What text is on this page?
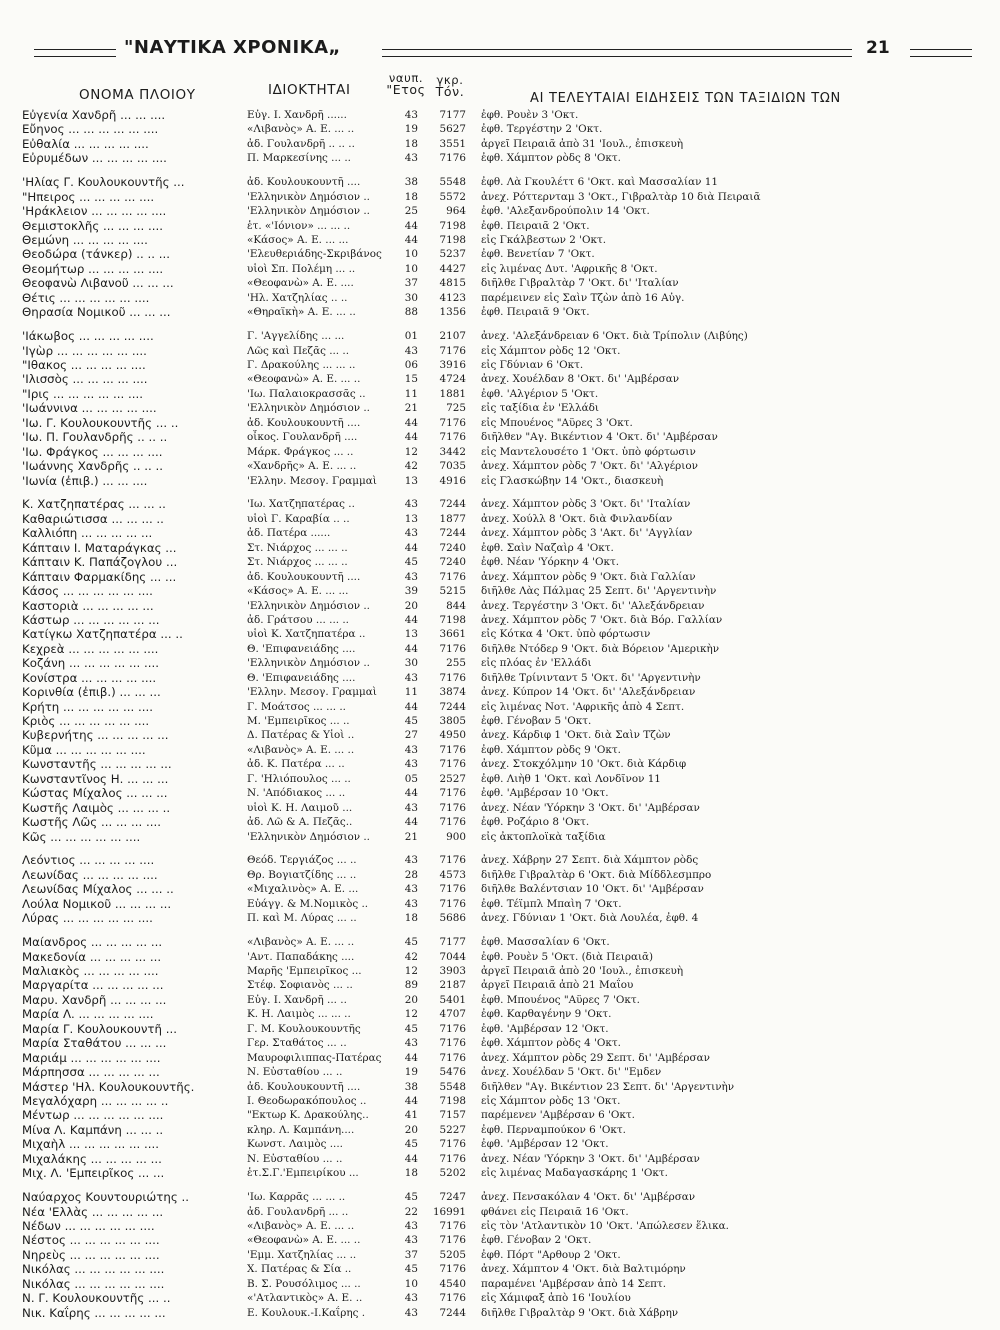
"ΝΑΥΤΙΚΑ ΧΡΟΝΙΚΑ„	21
ΟΝΟΜΑ ΠΛΟΙΟΥ	ΙΔΙΟΚΤΗΤΑΙ
ναυπ.
"Ετος
γκρ.
Τόν.	ΑΙ ΤΕΛΕΥΤΑΙΑΙ ΕΙΔΗΣΕΙΣ ΤΩΝ ΤΑΞΙΔΙΩΝ ΤΩΝ
Εὐγενία Χανδρῆ ... ... ....	Εὐγ. Ι. Χανδρῆ ......	43	7177 ἐφθ. Ρουὲν 3 'Οκτ.
Εὔηνος ... ... ... ... ... ....	«Λιβανὸς» Α. Ε. ... ..	19	5627 ἐφθ. Τεργέστην 2 'Οκτ.
Εὐθαλία ... ... ... ... ....	ἀδ. Γουλανδρῆ .. .. ..	18	3551 ἀργεῖ Πειραιᾶ ἀπὸ 31 'Ιουλ., ἐπισκευὴ
Εὐρυμέδων ... ... ... ... ....	Π. Μαρκεσίνης ... ..	43	7176 ἐφθ. Χάμπτον ρὸδς 8 'Οκτ.
'Ηλίας Γ. Κουλουκουντῆς ...	ἀδ. Κουλουκουντῆ ....	38	5548 ἐφθ. Λὰ Γκουλέττ 6 'Οκτ. καὶ Μασσαλίαν 11
"Ηπειρος ... ... ... ... ....	'Ελληνικὸν Δημόσιον ..	18	5572 ἀνεχ. Ρόττερνταμ 3 'Οκτ., Γιβραλτὰρ 10 διὰ Πειραιᾶ
'Ηράκλειον ... ... ... ... ....	'Ελληνικὸν Δημόσιον ..	25	964 ἐφθ. 'Αλεξανδρούπολιν 14 'Οκτ.
Θεμιστοκλῆς ... ... ... ....	ἑτ. «'Ιόνιον» ... ... ..	44	7198 ἐφθ. Πειραιᾶ 2 'Οκτ.
Θεμώνη ... ... ... ... ....	«Κάσος» Α. Ε. ... ...	44	7198 εἰς Γκάλβεστων 2 'Οκτ.
Θεοδώρα (τάνκερ) .. .. ...	'Ελευθεριάδης-Σκριβάνος	10	5237 ἐφθ. Βενετίαν 7 'Οκτ.
Θεομήτωρ ... ... ... ... ....	υἱοὶ Σπ. Πολέμη ... ..	10	4427 εἰς λιμένας Δυτ. 'Αφρικῆς 8 'Οκτ.
Θεοφανὼ Λιβανοῦ ... ... ...	«Θεοφανὼ» Α. Ε. ....	37	4815 διῆλθε Γιβραλτὰρ 7 'Οκτ. δι' 'Ιταλίαν
Θέτις ... ... ... ... ... ....	'Ηλ. Χατζηλίας .. ..	30	4123 παρέμεινεν εἰς Σαὶν Τζὼν ἀπὸ 16 Αὐγ.
Θηρασία Νομικοῦ ... ... ...	«Θηραϊκὴ» Α. Ε. ... ..	88	1356 ἐφθ. Πειραιᾶ 9 'Οκτ.
'Ιάκωβος ... ... ... ... ....	Γ. 'Αγγελίδης ... ...	01	2107 ἀνεχ. 'Αλεξάνδρειαν 6 'Οκτ. διὰ Τρίπολιν (Λιβύης)
'Ιγὼρ ... ... ... ... ... ....	Λῶς καὶ Πεζᾶς ... ..	43	7176 εἰς Χάμπτον ρὸδς 12 'Οκτ.
"Ιθακος ... ... ... ... ....	Γ. Δρακούλης ... ... ..	06	3916 εἰς Γδύνιαν 6 'Οκτ.
'Ιλισσὸς ... ... ... ... ....	«Θεοφανὼ» Α. Ε. ... ..	15	4724 ἀνεχ. Χουέλδαν 8 'Οκτ. δι' 'Αμβέρσαν
"Ιρις ... ... ... ... ... ....	'Ιω. Παλαιοκρασσᾶς ..	11	1881 ἐφθ. 'Αλγέριον 5 'Οκτ.
'Ιωάννινα ... ... ... ... ....	'Ελληνικὸν Δημόσιον ..	21	725 εἰς ταξίδια ἐν 'Ελλάδι
'Ιω. Γ. Κουλουκουντῆς ... ..	ἀδ. Κουλουκουντῆ ....	44	7176 εἰς Μπουένος "Αϋρες 3 'Οκτ.
'Ιω. Π. Γουλανδρῆς .. .. ..	οἶκος. Γουλανδρῆ ....	44	7176 διῆλθεν "Αγ. Βικέντιον 4 'Οκτ. δι' 'Αμβέρσαν
'Ιω. Φράγκος ... ... ... ....	Μάρκ. Φράγκος ... ..	12	3442 εἰς Μαντελουσέτο 1 'Οκτ. ὑπὸ φόρτωσιν
'Ιωάννης Χανδρῆς .. .. ..	«Χανδρῆς» Α. Ε. ... ..	42	7035 ἀνεχ. Χάμπτον ρὸδς 7 'Οκτ. δι' 'Αλγέριον
'Ιωνία (ἐπιβ.) ... ... ....	'Ελλην. Μεσογ. Γραμμαὶ	13	4916 εἰς Γλασκώβην 14 'Οκτ., διασκευὴ
Κ. Χατζηπατέρας ... ... ..	'Ιω. Χατζηπατέρας ..	43	7244 ἀνεχ. Χάμπτον ρὸδς 3 'Οκτ. δι' 'Ιταλίαν
Καθαριώτισσα ... ... ... ..	υἱοὶ Γ. Καραβία .. ..	13	1877 ἀνεχ. Χούλλ 8 'Οκτ. διὰ Φινλανδίαν
Καλλιόπη ... ... ... ... ...	ἀδ. Πατέρα ......	43	7244 ἀνεχ. Χάμπτον ρὸδς 3 'Ακτ. δι' 'Αγγλίαν
Κάπταιν Ι. Ματαράγκας ...	Στ. Νιάρχος ... ... ..	44	7240 ἐφθ. Σαὶν Ναζαὶρ 4 'Οκτ.
Κάπταιν Κ. Παπάζογλου ...	Στ. Νιάρχος ... ... ..	45	7240 ἐφθ. Νέαν 'Υόρκην 4 'Οκτ.
Κάπταιν Φαρμακίδης ... ...	ἀδ. Κουλουκουντῆ ....	43	7176 ἀνεχ. Χάμπτον ρὸδς 9 'Οκτ. διὰ Γαλλίαν
Κάσος ... ... ... ... ... ....	«Κάσος» Α. Ε. ... ...	39	5215 διῆλθε Λὰς Πάλμας 25 Σεπτ. δι' 'Αργεντινὴν
Καστοριὰ ... ... ... ... ...	'Ελληνικὸν Δημόσιον ..	20	844 ἀνεχ. Τεργέστην 3 'Οκτ. δι' 'Αλεξάνδρειαν
Κάστωρ ... ... ... ... ... ...	ἀδ. Γράτσου ... ... ..	44	7198 ἀνεχ. Χάμπτον ρὸδς 7 'Οκτ. διὰ Βόρ. Γαλλίαν
Κατίγκω Χατζηπατέρα ... ..	υἱοὶ Κ. Χατζηπατέρα ..	13	3661 εἰς Κότκα 4 'Οκτ. ὑπὸ φόρτωσιν
Κεχρεὰ ... ... ... ... ... ....	Θ. 'Επιφανειάδης ....	44	7176 διῆλθε Ντόδερ 9 'Οκτ. διὰ Βόρειον 'Αμερικὴν
Κοζάνη ... ... ... ... ... ....	'Ελληνικὸν Δημόσιον ..	30	255 εἰς πλόας ἐν 'Ελλάδι
Κονίστρα ... ... ... ... ....	Θ. 'Επιφανειάδης ....	43	7176 διῆλθε Τρίνινταντ 5 'Οκτ. δι' 'Αργεντινὴν
Κορινθία (ἐπιβ.) ... ... ...	'Ελλην. Μεσογ. Γραμμαὶ	11	3874 ἀνεχ. Κύπρον 14 'Οκτ. δι' 'Αλεξάνδρειαν
Κρήτη ... ... ... ... ... ....	Γ. Μοάτσος ... ... ..	44	7244 εἰς λιμένας Νοτ. 'Αφρικῆς ἀπὸ 4 Σεπτ.
Κριὸς ... ... ... ... ... ....	Μ. 'Εμπειρῖκος ... ..	45	3805 ἐφθ. Γένοβαν 5 'Οκτ.
Κυβερνήτης ... ... ... ... ...	Δ. Πατέρας & Υἱοὶ ..	27	4950 ἀνεχ. Κάρδιφ 1 'Οκτ. διὰ Σαὶν Τζὼν
Κῦμα ... ... ... ... ... ....	«Λιβανὸς» Α. Ε. ... ..	43	7176 ἐφθ. Χάμπτον ρὸδς 9 'Οκτ.
Κωνσταντῆς ... ... ... ... ...	ἀδ. Κ. Πατέρα ... ..	43	7176 ἀνεχ. Στοκχόλμην 10 'Οκτ. διὰ Κάρδιφ
Κωνσταντῖνος Η. ... ... ...	Γ. 'Ηλιόπουλος ... ..	05	2527 ἐφθ. Λιὴθ 1 'Οκτ. καὶ Λονδῖνον 11
Κώστας Μίχαλος ... ... ...	Ν. 'Απόδιακος ... ..	44	7176 ἐφθ. 'Αμβέρσαν 10 'Οκτ.
Κωστῆς Λαιμὸς ... ... ... ..	υἱοὶ Κ. Η. Λαιμοῦ ...	43	7176 ἀνεχ. Νέαν 'Υόρκην 3 'Οκτ. δι' 'Αμβέρσαν
Κωστῆς Λῶς ... ... ... ....	ἀδ. Λῶ & Α. Πεζᾶς..	44	7176 ἐφθ. Ροζάριο 8 'Οκτ.
Κῶς ... ... ... ... ... ....	'Ελληνικὸν Δημόσιον ..	21	900 εἰς ἀκτοπλοϊκὰ ταξίδια
Λεόντιος ... ... ... ... ....	Θεόδ. Τεργιάζος ... ..	43	7176 ἀνεχ. Χάβρην 27 Σεπτ. διὰ Χάμπτον ρὸδς
Λεωνίδας ... ... ... ... ....	Θρ. Βογιατζίδης ... ..	28	4573 διῆλθε Γιβραλτὰρ 6 'Οκτ. διὰ Μίδδλεσμπρο
Λεωνίδας Μίχαλος ... ... ..	«Μιχαλινὸς» Α. Ε. ...	43	7176 διῆλθε Βαλέντσιαν 10 'Οκτ. δι' 'Αμβέρσαν
Λούλα Νομικοῦ ... ... ... ...	Εὐάγγ. & Μ.Νομικὸς ..	43	7176 ἐφθ. Τέϊμπλ Μπαὶη 7 'Οκτ.
Λύρας ... ... ... ... ... ....	Π. καὶ Μ. Λύρας ... ..	18	5686 ἀνεχ. Γδύνιαν 1 'Οκτ. διὰ Λουλέα, ἐφθ. 4
Μαίανδρος ... ... ... ... ...	«Λιβανὸς» Α. Ε. ... ..	45	7177 ἐφθ. Μασσαλίαν 6 'Οκτ.
Μακεδονία ... ... ... ... ...	'Αντ. Παπαδάκης ....	42	7044 ἐφθ. Ρουὲν 5 'Οκτ. (διὰ Πειραιᾶ)
Μαλιακὸς ... ... ... ... ....	Μαρῆς 'Εμπειρῖκος ...	12	3903 ἀργεῖ Πειραιᾶ ἀπὸ 20 'Ιουλ., ἐπισκευὴ
Μαργαρίτα ... ... ... ... ...	Στέφ. Σοφιανὸς ... ..	89	2187 ἀργεῖ Πειραιᾶ ἀπὸ 21 Μαΐου
Μαρυ. Χανδρῆ ... ... ... ...	Εὐγ. Ι. Χανδρῆ ... ..	20	5401 ἐφθ. Μπουένος "Αϋρες 7 'Οκτ.
Μαρία Λ. ... ... ... ... ....	Κ. Η. Λαιμὸς ... ... ..	12	4707 ἐφθ. Καρθαγένην 9 'Οκτ.
Μαρία Γ. Κουλουκουντῆ ...	Γ. Μ. Κουλουκουντῆς	45	7176 ἐφθ. 'Αμβέρσαν 12 'Οκτ.
Μαρία Σταθάτου ... ... ...	Γερ. Σταθάτος ... ..	43	7176 ἐφθ. Χάμπτον ρὸδς 4 'Οκτ.
Μαριάμ ... ... ... ... ... ....	Μαυροφιλιππας-Πατέρας	44	7176 ἀνεχ. Χάμπτον ρὸδς 29 Σεπτ. δι' 'Αμβέρσαν
Μάρπησσα ... ... ... ... ...	Ν. Εὐσταθίου ... ..	19	5476 ἀνεχ. Χουέλδαν 5 'Οκτ. δι' "Εμδεν
Μάστερ 'Ηλ. Κουλουκουντῆς.	ἀδ. Κουλουκουντῆ ....	38	5548 διῆλθεν "Αγ. Βικέντιον 23 Σεπτ. δι' 'Αργεντινὴν
Μεγαλόχαρη ... ... ... ... ..	Ι. Θεοδωρακόπουλος ..	44	7198 εἰς Χάμπτον ρὸδς 13 'Οκτ.
Μέντωρ ... ... ... ... ... ....	"Εκτωρ Κ. Δρακούλης..	41	7157 παρέμενεν 'Αμβέρσαν 6 'Οκτ.
Μίνα Λ. Καμπάνη ... ... ..	κληρ. Λ. Καμπάνη....	20	5227 ἐφθ. Περναμπούκον 6 'Οκτ.
Μιχαὴλ ... ... ... ... ... ....	Κωνστ. Λαιμὸς ....	45	7176 ἐφθ. 'Αμβέρσαν 12 'Οκτ.
Μιχαλάκης ... ... ... ... ...	Ν. Εὐσταθίου ... ..	44	7176 ἀνεχ. Νέαν 'Υόρκην 3 'Οκτ. δι' 'Αμβέρσαν
Μιχ. Λ. 'Εμπειρῖκος ... ...	ἑτ.Σ.Γ.'Εμπειρίκου ...	18	5202 εἰς λιμένας Μαδαγασκάρης 1 'Οκτ.
Ναύαρχος Κουντουριώτης ..	'Ιω. Καρρᾶς ... ... ..	45	7247 ἀνεχ. Πενσακόλαν 4 'Οκτ. δι' 'Αμβέρσαν
Νέα 'Ελλὰς ... ... ... ... ...	ἀδ. Γουλανδρῆ ... ..	22	16991 φθάνει εἰς Πειραιᾶ 16 'Οκτ.
Νέδων ... ... ... ... ... ....	«Λιβανὸς» Α. Ε. ... ..	43	7176 εἰς τὸν 'Ατλαντικὸν 10 'Οκτ. 'Απώλεσεν ἕλικα.
Νέστος ... ... ... ... ... ....	«Θεοφανὼ» Α. Ε. ... ..	43	7176 ἐφθ. Γένοβαν 2 'Οκτ.
Νηρεὺς ... ... ... ... ... ....	'Εμμ. Χατζηλίας ... ..	37	5205 ἐφθ. Πόρτ "Αρθουρ 2 'Οκτ.
Νικόλας ... ... ... ... ... ....	Χ. Πατέρας & Σία ..	45	7176 ἀνεχ. Χάμπτον 4 'Οκτ. διὰ Βαλτιμόρην
Νικόλας ... ... ... ... ... ....	Β. Σ. Ρουσόλιμος ... ..	10	4540 παραμένει 'Αμβέρσαν ἀπὸ 14 Σεπτ.
Ν. Γ. Κουλουκουντῆς ... ..	«'Ατλαντικὸς» Α. Ε. ..	43	7176 εἰς Χάμιφαξ ἀπὸ 16 'Ιουλίου
Νικ. Καΐρης ... ... ... ... ...	Ε. Κουλουκ.-Ι.Καΐρης .	43	7244 διῆλθε Γιβραλτὰρ 9 'Οκτ. διὰ Χάβρην
